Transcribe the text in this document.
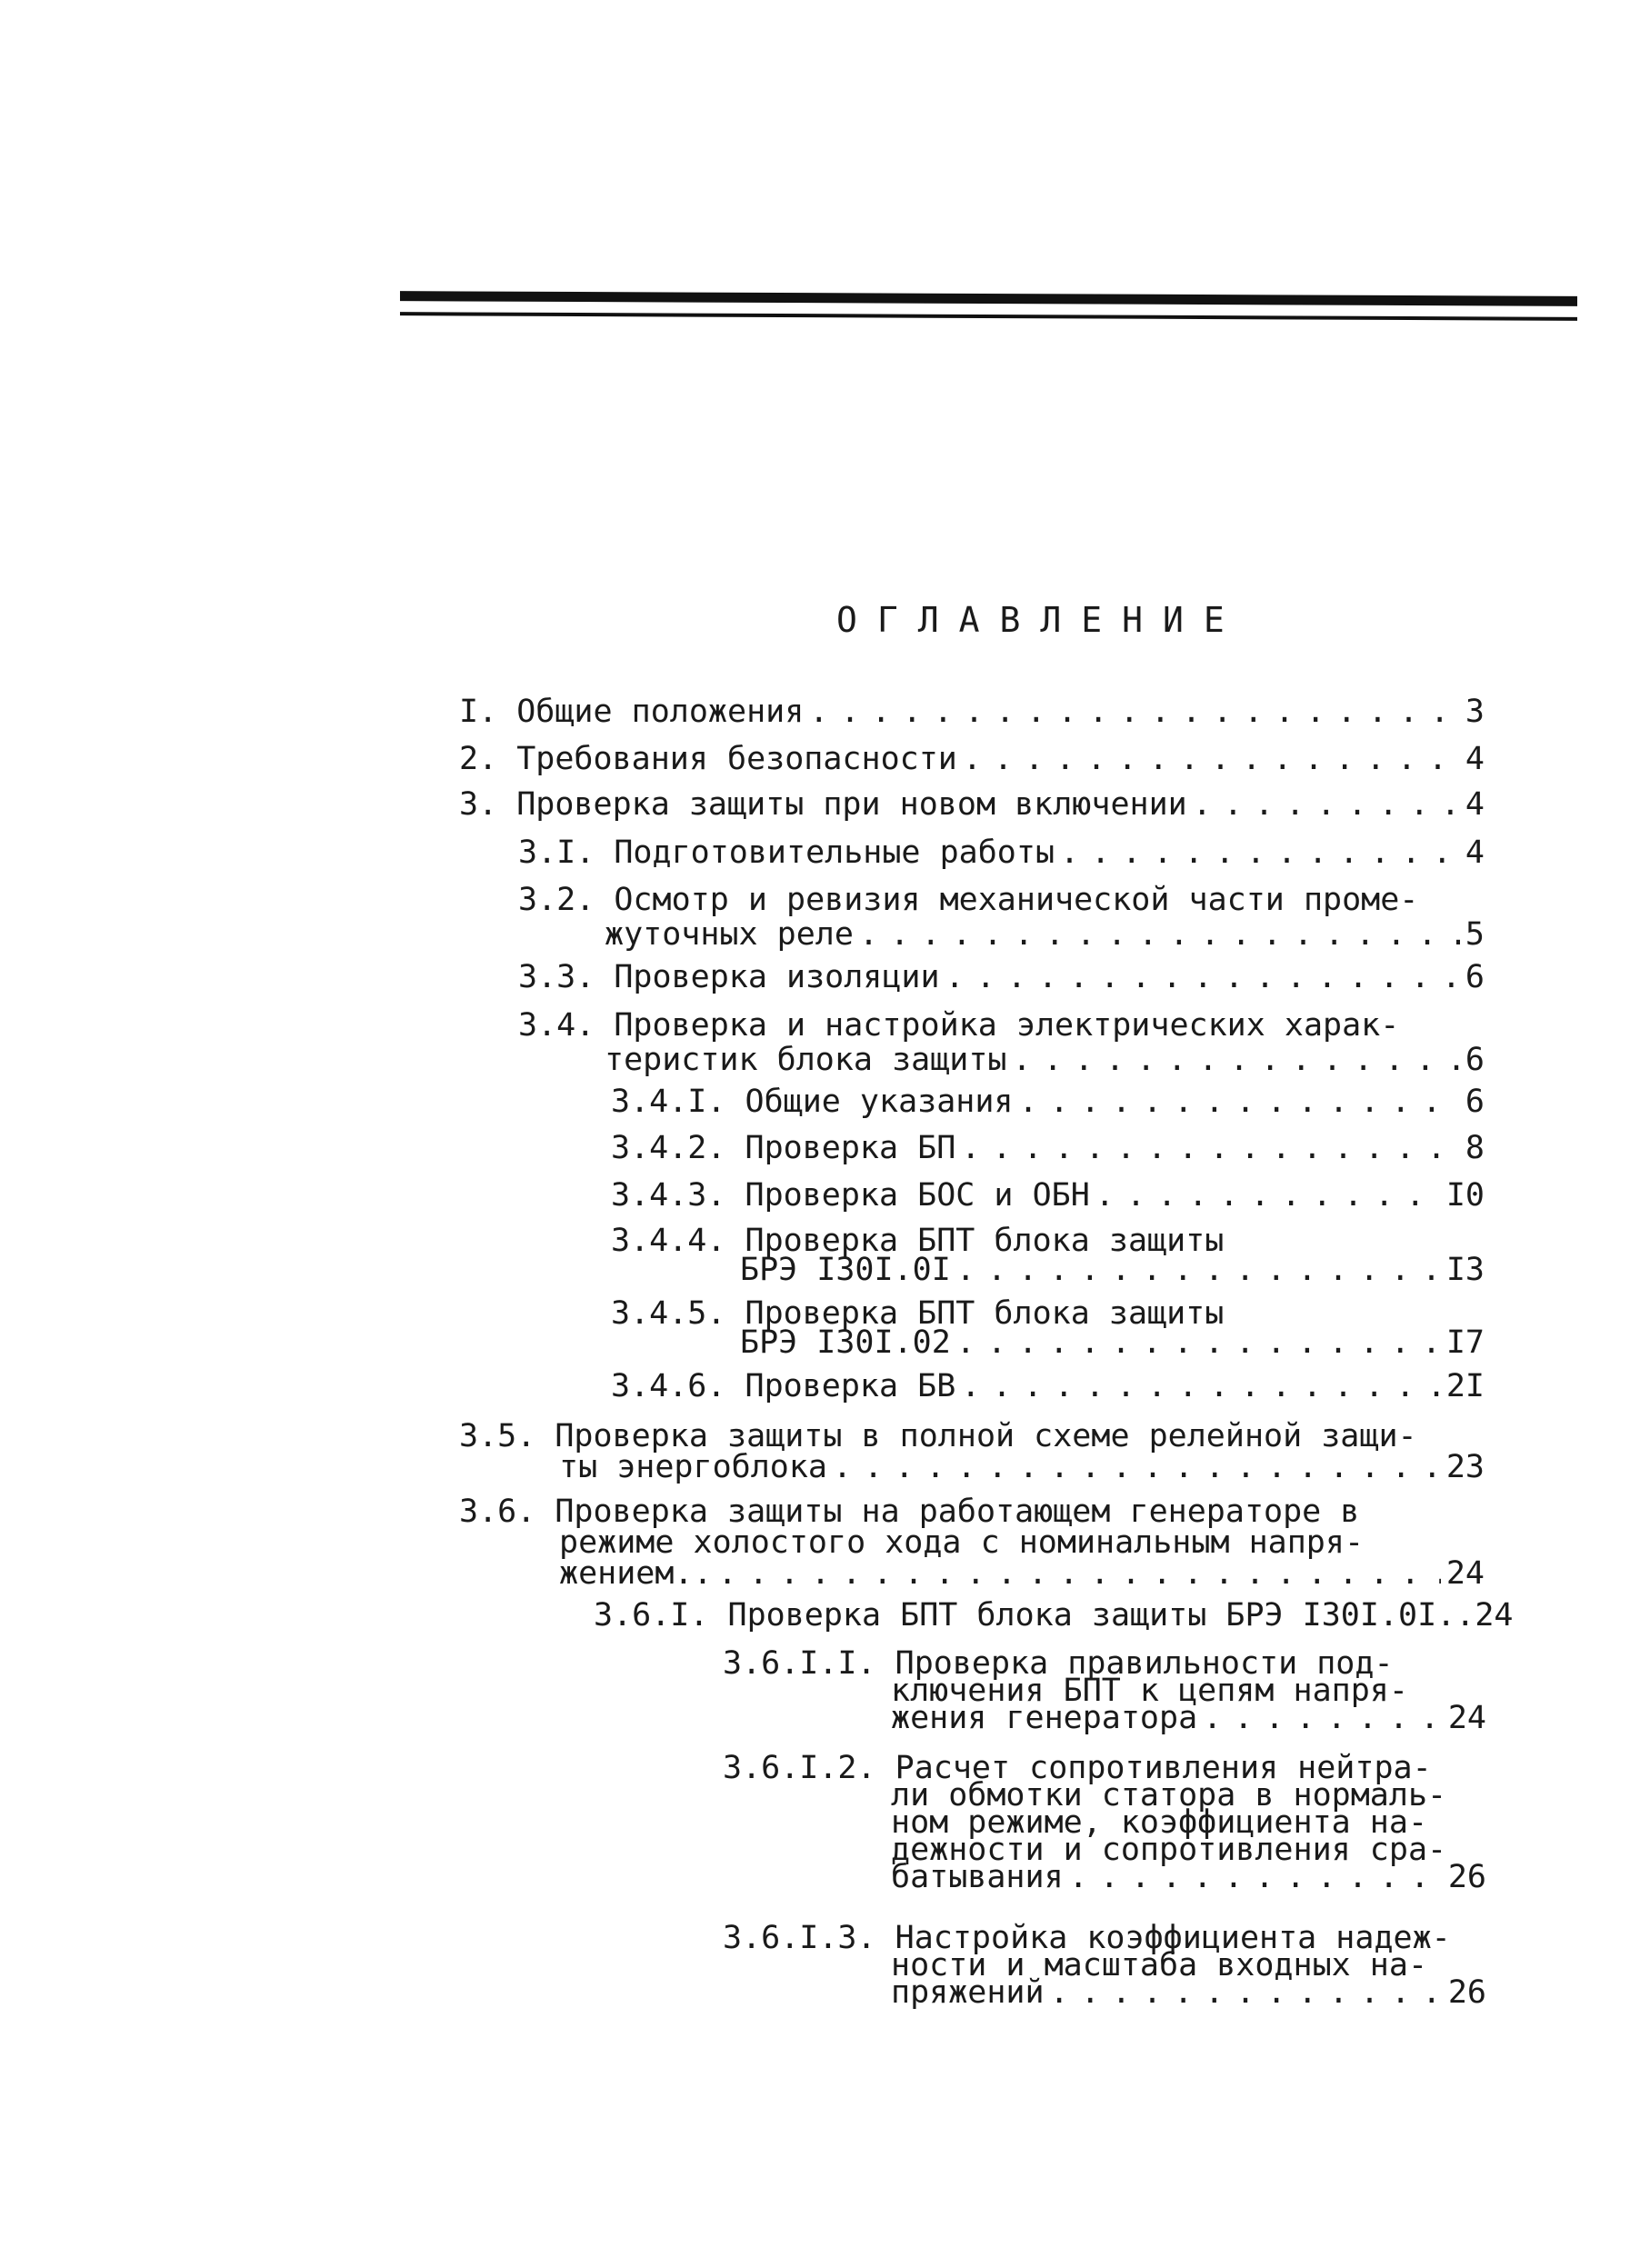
ОГЛАВЛЕНИЕ
I. Общие положения . . .	3
2. Требования безопасности . . .	4
3. Проверка защиты при новом включении . . .	4
3.I. Подготовительные работы . . .	4
3.2. Осмотр и ревизия механической части проме-
жуточных реле . . .	5
3.3. Проверка изоляции . . .	6
3.4. Проверка и настройка электрических харак-
теристик блока защиты . . .	6
3.4.I. Общие указания . . .	6
3.4.2. Проверка БП . . .	8
3.4.3. Проверка БОС и ОБН . . .	I0
3.4.4. Проверка БПТ блока защиты
БРЭ I30I.0I . . .	I3
3.4.5. Проверка БПТ блока защиты
БРЭ I30I.02 . . .	I7
3.4.6. Проверка БВ . . .	2I
3.5. Проверка защиты в полной схеме релейной защи-
ты энергоблока . . .	23
3.6. Проверка защиты на работающем генераторе в
режиме холостого хода с номинальным напря-
жением.. . . .	24
3.6.I. Проверка БПТ блока защиты БРЭ I30I.0I.. 24
3.6.I.I. Проверка правильности под-
ключения БПТ к цепям напря-
жения генератора . . .	24
3.6.I.2. Расчет сопротивления нейтра-
ли обмотки статора в нормаль-
ном режиме, коэффициента на-
дежности и сопротивления сра-
батывания . . .	26
3.6.I.3. Настройка коэффициента надеж-
ности и масштаба входных на-
пряжений . . .	26
